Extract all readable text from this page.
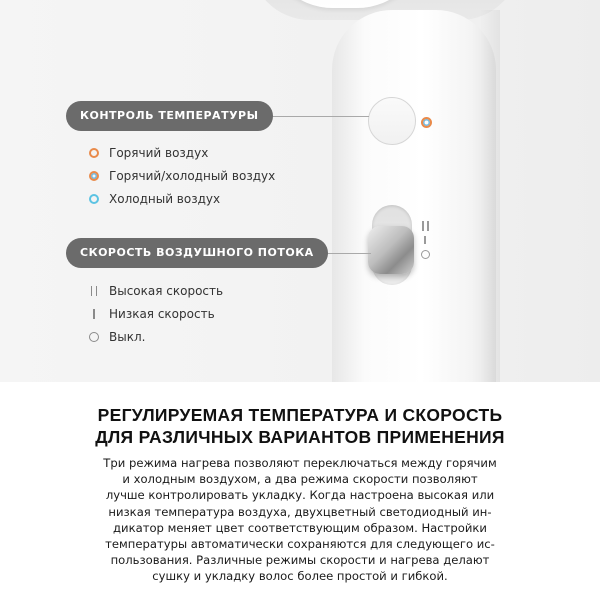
КОНТРОЛЬ ТЕМПЕРАТУРЫ
Горячий воздух
Горячий/холодный воздух
Холодный воздух
СКОРОСТЬ ВОЗДУШНОГО ПОТОКА
Высокая скорость
Низкая скорость
Выкл.
РЕГУЛИРУЕМАЯ ТЕМПЕРАТУРА И СКОРОСТЬ
ДЛЯ РАЗЛИЧНЫХ ВАРИАНТОВ ПРИМЕНЕНИЯ
Три режима нагрева позволяют переключаться между горячим
и холодным воздухом, а два режима скорости позволяют
лучше контролировать укладку. Когда настроена высокая или
низкая температура воздуха, двухцветный светодиодный ин-
дикатор меняет цвет соответствующим образом. Настройки
температуры автоматически сохраняются для следующего ис-
пользования. Различные режимы скорости и нагрева делают
сушку и укладку волос более простой и гибкой.
